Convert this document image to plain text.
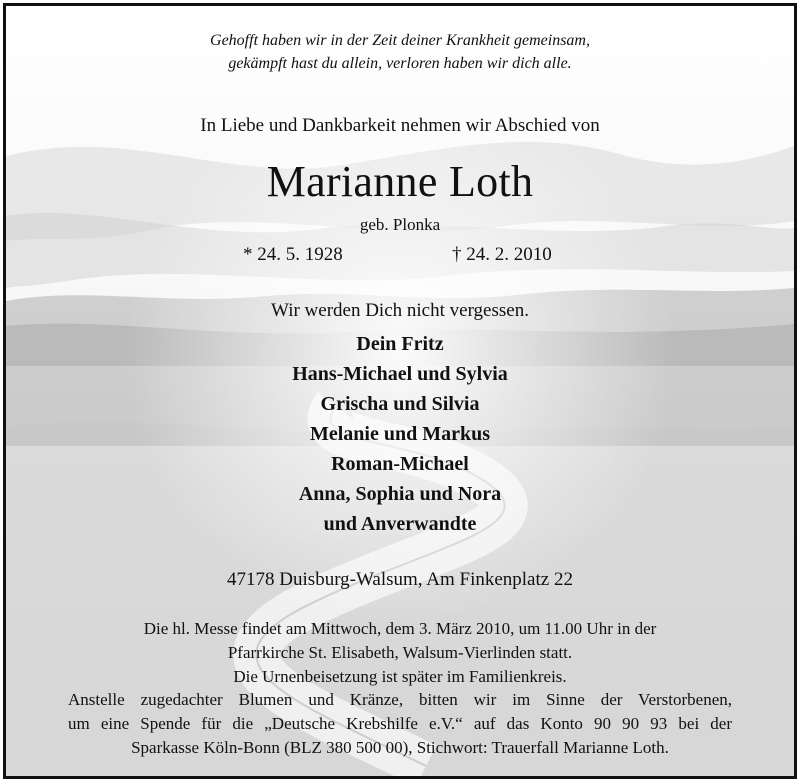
Gehofft haben wir in der Zeit deiner Krankheit gemeinsam,
gekämpft hast du allein, verloren haben wir dich alle.
In Liebe und Dankbarkeit nehmen wir Abschied von
Marianne Loth
geb. Plonka
* 24. 5. 1928	† 24. 2. 2010
Wir werden Dich nicht vergessen.
Dein Fritz
Hans-Michael und Sylvia
Grischa und Silvia
Melanie und Markus
Roman-Michael
Anna, Sophia und Nora
und Anverwandte
47178 Duisburg-Walsum, Am Finkenplatz 22
Die hl. Messe findet am Mittwoch, dem 3. März 2010, um 11.00 Uhr in der
Pfarrkirche St. Elisabeth, Walsum-Vierlinden statt.
Die Urnenbeisetzung ist später im Familienkreis.
Anstelle zugedachter Blumen und Kränze, bitten wir im Sinne der Verstorbenen,
um eine Spende für die „Deutsche Krebshilfe e.V.“ auf das Konto 90 90 93 bei der
Sparkasse Köln-Bonn (BLZ 380 500 00), Stichwort: Trauerfall Marianne Loth.
